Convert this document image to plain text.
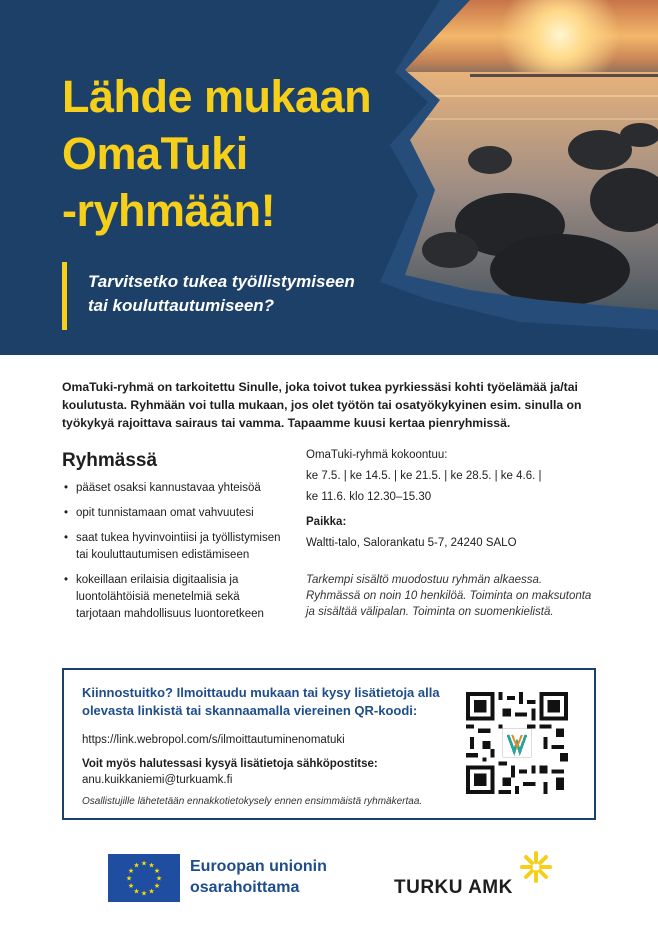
Lähde mukaan
OmaTuki
-ryhmään!
Tarvitsetko tukea työllistymiseen
tai kouluttautumiseen?

OmaTuki-ryhmä on tarkoitettu Sinulle, joka toivot tukea pyrkiessäsi kohti työelämää ja/tai koulutusta. Ryhmään voi tulla mukaan, jos olet työtön tai osatyökykyinen esim. sinulla on työkykyä rajoittava sairaus tai vamma. Tapaamme kuusi kertaa pienryhmissä.

Ryhmässä
• pääset osaksi kannustavaa yhteisöä
• opit tunnistamaan omat vahvuutesi
• saat tukea hyvinvointiisi ja työllistymisen tai kouluttautumisen edistämiseen
• kokeillaan erilaisia digitaalisia ja luontolähtöisiä menetelmiä sekä tarjotaan mahdollisuus luontoretkeen
OmaTuki-ryhmä kokoontuu:
ke 7.5. | ke 14.5. | ke 21.5. | ke 28.5. | ke 4.6. |
ke 11.6. klo 12.30–15.30
Paikka:
Waltti-talo, Salorankatu 5-7, 24240 SALO

Tarkempi sisältö muodostuu ryhmän alkaessa. Ryhmässä on noin 10 henkilöä. Toiminta on maksutonta ja sisältää välipalan. Toiminta on suomenkielistä.

Kiinnostuitko? Ilmoittaudu mukaan tai kysy lisätietoja alla olevasta linkistä tai skannaamalla viereinen QR-koodi:
https://link.webropol.com/s/ilmoittautuminenomatuki
Voit myös halutessasi kysyä lisätietoja sähköpostitse:
anu.kuikkaniemi@turkuamk.fi
Osallistujille lähetetään ennakkotietokysely ennen ensimmäistä ryhmäkertaa.
★
★
★
★
★
★
★
★
★ ★ ★
★ Euroopan unionin
osarahoittama	TURKU AMK
